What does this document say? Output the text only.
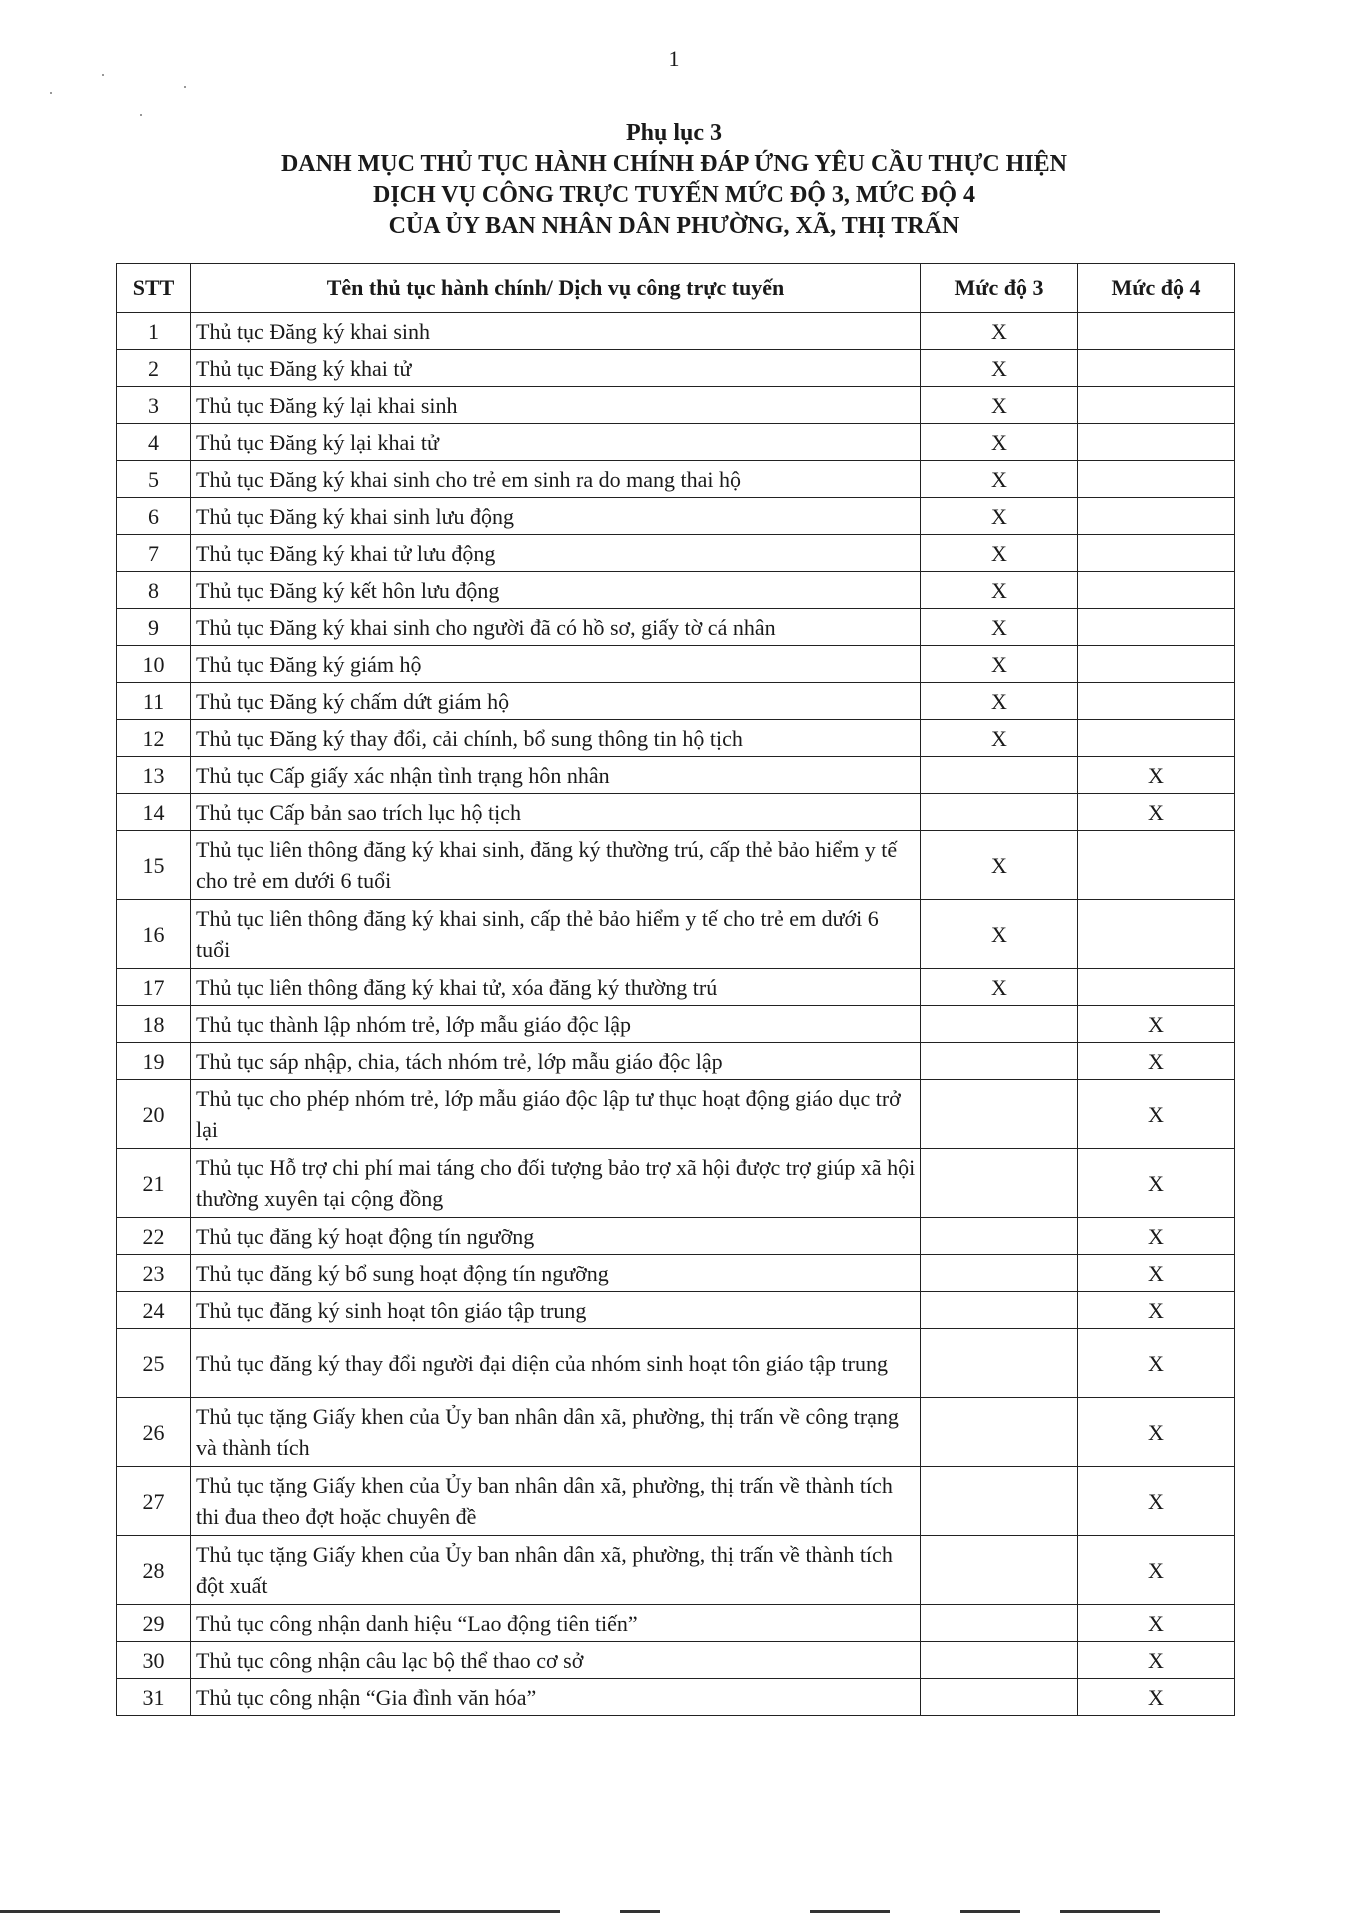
1
Phụ lục 3
DANH MỤC THỦ TỤC HÀNH CHÍNH ĐÁP ỨNG YÊU CẦU THỰC HIỆN
DỊCH VỤ CÔNG TRỰC TUYẾN MỨC ĐỘ 3, MỨC ĐỘ 4
CỦA ỦY BAN NHÂN DÂN PHƯỜNG, XÃ, THỊ TRẤN
STT	Tên thủ tục hành chính/ Dịch vụ công trực tuyến	Mức độ 3	Mức độ 4
1	Thủ tục Đăng ký khai sinh	X	
2	Thủ tục Đăng ký khai tử	X	
3	Thủ tục Đăng ký lại khai sinh	X	
4	Thủ tục Đăng ký lại khai tử	X	
5	Thủ tục Đăng ký khai sinh cho trẻ em sinh ra do mang thai hộ	X	
6	Thủ tục Đăng ký khai sinh lưu động	X	
7	Thủ tục Đăng ký khai tử lưu động	X	
8	Thủ tục Đăng ký kết hôn lưu động	X	
9	Thủ tục Đăng ký khai sinh cho người đã có hồ sơ, giấy tờ cá nhân	X	
10	Thủ tục Đăng ký giám hộ	X	
11	Thủ tục Đăng ký chấm dứt giám hộ	X	
12	Thủ tục Đăng ký thay đổi, cải chính, bổ sung thông tin hộ tịch	X	
13	Thủ tục Cấp giấy xác nhận tình trạng hôn nhân		X
14	Thủ tục Cấp bản sao trích lục hộ tịch		X
15	Thủ tục liên thông đăng ký khai sinh, đăng ký thường trú, cấp thẻ bảo hiểm y tế cho trẻ em dưới 6 tuổi	X	
16	Thủ tục liên thông đăng ký khai sinh, cấp thẻ bảo hiểm y tế cho trẻ em dưới 6 tuổi	X	
17	Thủ tục liên thông đăng ký khai tử, xóa đăng ký thường trú	X	
18	Thủ tục thành lập nhóm trẻ, lớp mẫu giáo độc lập		X
19	Thủ tục sáp nhập, chia, tách nhóm trẻ, lớp mẫu giáo độc lập		X
20	Thủ tục cho phép nhóm trẻ, lớp mẫu giáo độc lập tư thục hoạt động giáo dục trở lại		X
21	Thủ tục Hỗ trợ chi phí mai táng cho đối tượng bảo trợ xã hội được trợ giúp xã hội thường xuyên tại cộng đồng		X
22	Thủ tục đăng ký hoạt động tín ngưỡng		X
23	Thủ tục đăng ký bổ sung hoạt động tín ngưỡng		X
24	Thủ tục đăng ký sinh hoạt tôn giáo tập trung		X
25	Thủ tục đăng ký thay đổi người đại diện của nhóm sinh hoạt tôn giáo tập trung		X
26	Thủ tục tặng Giấy khen của Ủy ban nhân dân xã, phường, thị trấn về công trạng và thành tích		X
27	Thủ tục tặng Giấy khen của Ủy ban nhân dân xã, phường, thị trấn về thành tích thi đua theo đợt hoặc chuyên đề		X
28	Thủ tục tặng Giấy khen của Ủy ban nhân dân xã, phường, thị trấn về thành tích đột xuất		X
29	Thủ tục công nhận danh hiệu “Lao động tiên tiến”		X
30	Thủ tục công nhận câu lạc bộ thể thao cơ sở		X
31	Thủ tục công nhận “Gia đình văn hóa”		X
